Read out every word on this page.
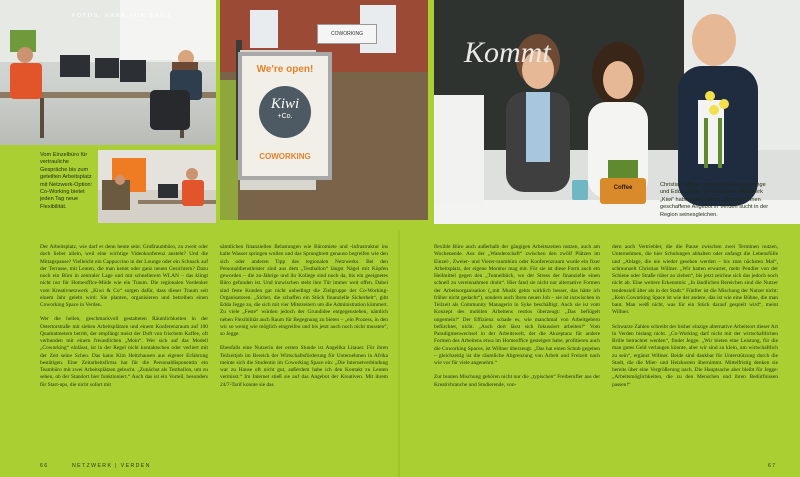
COWORKING
We're open!
Kiwi
+Co.
COWORKING
FOTOS: ARNE VON BRILL
Vom Einzelbüro für vertrauliche Gespräche bis zum geteilten Arbeitsplatz mit Netzwerk-Option: Co-Working bietet jeden Tag neue Flexibilität.
Kommt
Coffee	Christian Willner (von rechts), Dörte Lange und Edda Jegge vom Kreativen Netzwerk „Kiwi“ haben gut Lachen. Das vom ihnen geschaffene Angebot in Verden sucht in der Region seinesgleichen.

Der Arbeitsplatz, wie darf er denn heute sein: Großraumbüro, zu zweit oder doch lieber allein, weil eine wichtige Videokonferenz ansteht? Und die Mittagspause? Vielleicht ein Cappuccino in der Lounge oder ein Schnack auf der Terrasse, mit Leuten, die man kennt oder ganz neuen Gesichtern? Dazu noch ein Büro in zentraler Lage und mit schnellerem WLAN – das klingt nicht nur für Homeoffice-Müde wie ein Traum. Die regionalen Vordenker vom Kreativnetzwerk „Kiwi & Co“ sorgen dafür, dass dieser Traum seit einem Jahr gelebt wird: Sie planten, organisieren und betreiben einen Coworking Space in Verden.

Wer die hellen, geschmackvoll gestalteten Räumlichkeiten in der Ostertorstraße mit sieben Arbeitsplätzen und einem Konferenzraum auf 100 Quadratmetern betritt, der empfängt meist der Duft von frischem Kaffee, oft verbunden mit einem freundlichen „Moin“. Wer sich auf das Modell „Coworking“ einlässt, ist in der Regel nicht kontaktscheu oder verliert mit der Zeit seine Scheu. Das kann Kim Heitzhausen aus eigener Erfahrung bestätigen. Eine Zeitarbeitsfirma hat für die Personaldisponentin ein Teambüro mit zwei Arbeitsplätzen gebucht. „Zunächst als Testballon, um zu sehen, ob der Standort hier funktioniert.“ Auch das ist ein Vorteil, besonders für Start-ups, die nicht sofort mit

sämtlichen finanziellen Belastungen wie Büromiete und -infrastruktur ins kalte Wasser springen wollen und das Sprungbrett genauso begreifen wie den sich oder anderen Tipp des regionalen Netzwerks. Bei den Personaldienstleister sind aus dem „Testballon“ längst Nägel mit Köpfen geworden – die zu-Jährige und ihr Kollege sind noch da, bis ein geeignetes Büro gefunden ist. Und inzwischen steht ihre Tür immer weit offen. Dabei sind feste Kunden gar nicht unbedingt die Zielgruppe der Co-Working-Organisatoren. „Sicher, die schaffen ein Stück finanzielle Sicherheit“, gibt Edda Jegge zu, die sich mit vier Mitstreitern um die Administration kümmert. Zu viele „Feste“ würden jedoch der Grundidee entgegenstehen, nämlich neben Flexibilität auch Raum für Begegnung zu bieten – „ein Prozess, in den wir so wenig wie möglich eingreifen und bis jetzt auch noch nicht mussten“, so Jegge.

Ebenfalls eine Nutzerin der ersten Stunde ist Angelika Litauer. Für ihren Teilzeitjob im Bereich der Wirtschaftsförderung für Unternehmen in Afrika meinte sich die Studentin im Coworking Space ein: „Die Internetverbindung war zu Hause oft nicht gut, außerdem habe ich den Kontakt zu Leuten vermisst.“ Im Internet stieß sie auf das Angebot der Kreativen. Mit ihrem 24/7-Tarif konnte sie das

flexible Büro auch außerhalb der gängigen Arbeitszeiten nutzen, auch am Wochenende. Aus der „Wanderschaft“ zwischen den zwölf Plätzen im Einzel-, Zweier- und Vierer-raumbüro oder Konferenzraum wurde ein fixer Arbeitsplatz, der eigene Monitor mag mit. Für sie ist diese Form auch ein Heilmittel gegen den „Tunnelblick, wo der Stress der finanzielle einen schnell zu vereinnahmen droht“. Hier fand sie nicht nur alternative Formen der Arbeitsorganisation („mit Musik gehts wirklich besser, das hätte ich früher nicht gedacht“), sondern auch ihren neuen Job – sie ist inzwischen in Teilzeit als Community Managerin in Syke beschäftigt. Auch sie ist vom Konzept des mobilen Arbeitens restlos überzeugt: „Das beflügelt ungemein!“ Der Effizienz schade es, wie manchmal von Arbeitgebern befürchtet, nicht. „Auch dort lässt sich fokussiert arbeiten!“ Vom Paradigmenwechsel in der Arbeitswelt, der die Akzeptanz für andere Formen des Arbeitens etwa im Homeoffice gesteigert habe, profitieren auch die Coworking Spaces, ist Willner überzeugt. „Das hat einen Schub gegeben – gleichzeitig ist die räumliche Abgrenzung von Arbeit und Freizeit nach wie vor für viele angenehm.“

Zur bunten Mischung gehören nicht nur die „typischen“ Freiberufler aus der Kreativbranche und Studierende, von-

dern auch Vertriebler, die die Pause zwischen zwei Terminen nutzen, Unternehmen, die hier Schulungen abhalten oder unfangt die Lebensfülle und „Ablage, die nie wieder gesehen werden – bis zum nächsten Mal“, schmunzelt Christian Willner. „Wir hatten erwartet, mehr Pendler von der Schiene oder Straße rüber zu ziehen“, bis jetzt zeichne sich das jedoch noch nicht ab. Eine weitere Erkenntnis: „In ländlichen Bereichen sind die Nutzer tendenziell älter als in der Stadt.“ Fünfter ist die Mischung der Nutzer nicht: „Kein Coworking Space ist wie der andere, das ist wie eine Bühne, die man baut. Man weiß nicht, was für ein Stück darauf gespielt wird“, meint Willner.

Schwarze Zahlen schreibt der bisher einzige alternative Arbeitsort dieser Art in Verden bislang nicht. „Co-Working darf nicht mit der wirtschaftlichen Brille betrachtet werden“, findet Jegge. „Wir bieten eine Leistung, für die man gutes Geld verlangen könnte, aber wir sind zu klein, um wirtschaftlich zu sein“, ergänzt Willner. Beide sind dankbar für Unterstützung durch die Stadt, die die Miet- und Heizkosten übernimmt. Mittelfristig denken sie bereits über eine Vergrößerung nach. Die Hauptsache aber bleibt für Jegge: „Arbeitsmöglichkeiten, die zu den Menschen und ihren Bedürfnissen passen!“

66	NETZWERK | VERDEN	67
